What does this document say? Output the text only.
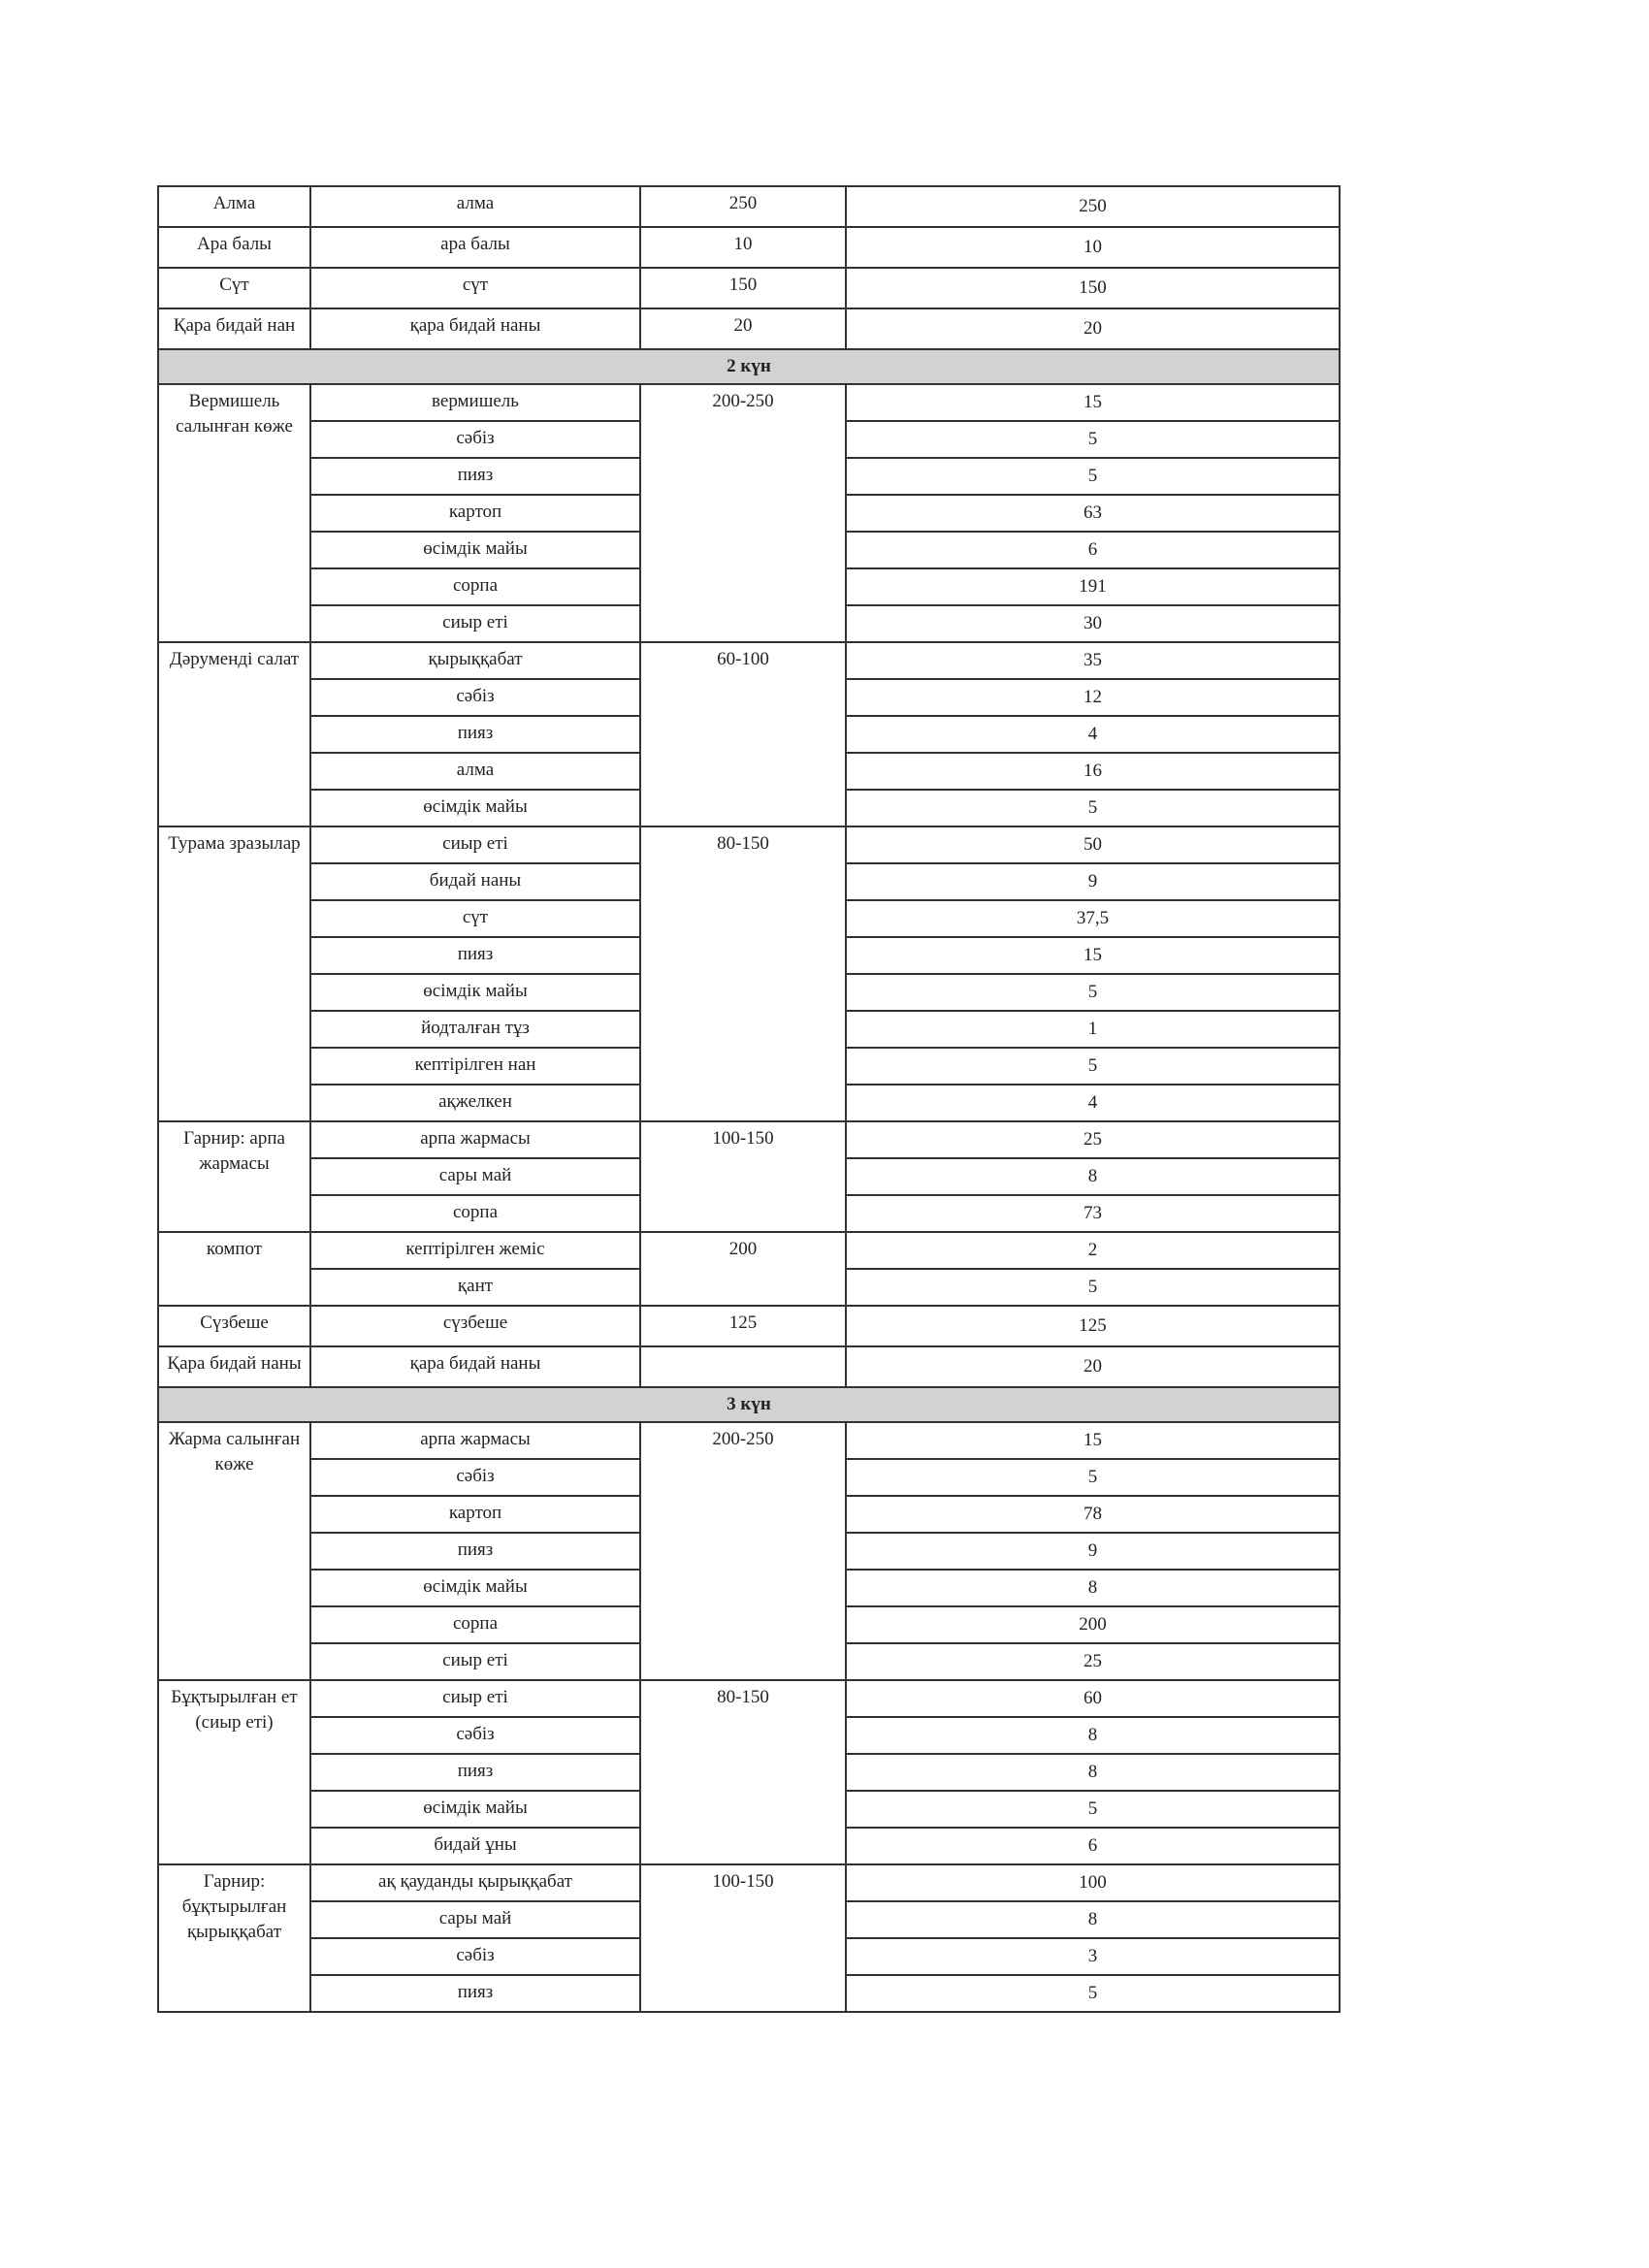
Алма	алма	250	250
Ара балы	ара балы	10	10
Сүт	сүт	150	150
Қара бидай нан	қара бидай наны	20	20
2 күн			
Вермишель салынған көже	вермишель	200-250	15
	сәбіз		5
	пияз		5
	картоп		63
	өсімдік майы		6
	сорпа		191
	сиыр еті		30
Дәруменді салат	қырыққабат	60-100	35
	сәбіз		12
	пияз		4
	алма		16
	өсімдік майы		5
Турама зразылар	сиыр еті	80-150	50
	бидай наны		9
	сүт		37,5
	пияз		15
	өсімдік майы		5
	йодталған тұз		1
	кептірілген нан		5
	ақжелкен		4
Гарнир: арпа жармасы	арпа жармасы	100-150	25
	сары май		8
	сорпа		73
компот	кептірілген жеміс	200	2
	қант		5
Сүзбеше	сүзбеше	125	125
Қара бидай наны	қара бидай наны		20
3 күн			
Жарма салынған көже	арпа жармасы	200-250	15
	сәбіз		5
	картоп		78
	пияз		9
	өсімдік майы		8
	сорпа		200
	сиыр еті		25
Бұқтырылған ет (сиыр еті)	сиыр еті	80-150	60
	сәбіз		8
	пияз		8
	өсімдік майы		5
	бидай ұны		6
Гарнир: бұқтырылған қырыққабат	ақ қауданды қырыққабат	100-150	100
	сары май		8
	сәбіз		3
	пияз		5
